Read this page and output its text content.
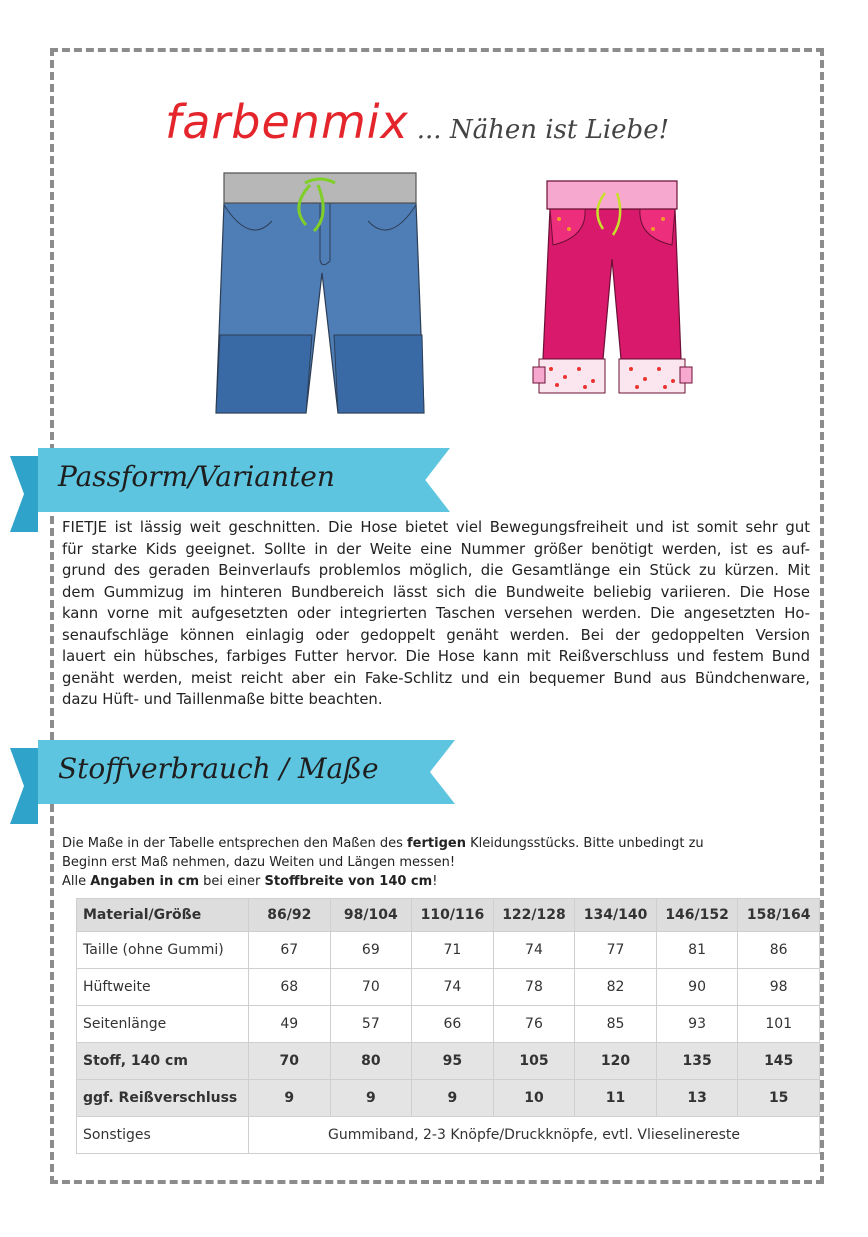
farbenmix ... Nähen ist Liebe!
Passform/Varianten

FIETJE ist lässig weit geschnitten. Die Hose bietet viel Bewegungsfreiheit und ist somit sehr gut
für starke Kids geeignet. Sollte in der Weite eine Nummer größer benötigt werden, ist es auf-
grund des geraden Beinverlaufs problemlos möglich, die Gesamtlänge ein Stück zu kürzen. Mit
dem Gummizug im hinteren Bundbereich lässt sich die Bundweite beliebig variieren. Die Hose
kann vorne mit aufgesetzten oder integrierten Taschen versehen werden. Die angesetzten Ho-
senaufschläge können einlagig oder gedoppelt genäht werden. Bei der gedoppelten Version
lauert ein hübsches, farbiges Futter hervor. Die Hose kann mit Reißverschluss und festem Bund
genäht werden, meist reicht aber ein Fake-Schlitz und ein bequemer Bund aus Bündchenware,
dazu Hüft- und Taillenmaße bitte beachten.

Stoffverbrauch / Maße
Die Maße in der Tabelle entsprechen den Maßen des fertigen Kleidungsstücks. Bitte unbedingt zu
Beginn erst Maß nehmen, dazu Weiten und Längen messen!
Alle Angaben in cm bei einer Stoffbreite von 140 cm!
Material/Größe	86/92	98/104	110/116	122/128	134/140	146/152	158/164
Taille (ohne Gummi)	67	69	71	74	77	81	86
Hüftweite	68	70	74	78	82	90	98
Seitenlänge	49	57	66	76	85	93	101
Stoff, 140 cm	70	80	95	105	120	135	145
ggf. Reißverschluss	9	9	9	10	11	13	15
Sonstiges	Gummiband, 2-3 Knöpfe/Druckknöpfe, evtl. Vlieselinereste						
